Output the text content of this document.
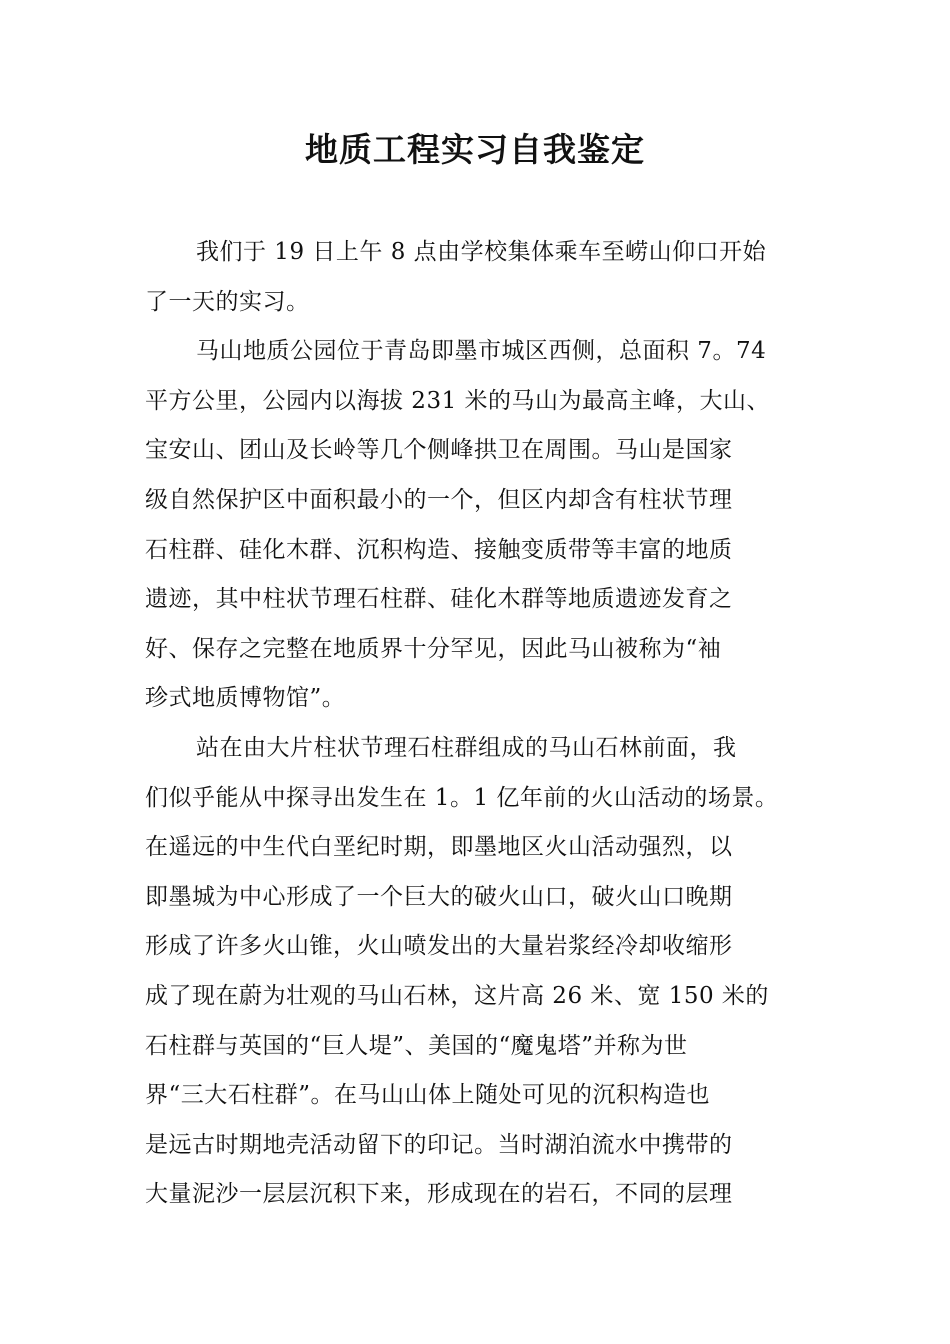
地质工程实习自我鉴定
我们于 19 日上午 8 点由学校集体乘车至崂山仰口开始
了一天的实习。
马山地质公园位于青岛即墨市城区西侧，总面积 7。74
平方公里，公园内以海拔 231 米的马山为最高主峰，大山、
宝安山、团山及长岭等几个侧峰拱卫在周围。马山是国家
级自然保护区中面积最小的一个，但区内却含有柱状节理
石柱群、硅化木群、沉积构造、接触变质带等丰富的地质
遗迹，其中柱状节理石柱群、硅化木群等地质遗迹发育之
好、保存之完整在地质界十分罕见，因此马山被称为“袖
珍式地质博物馆”。
站在由大片柱状节理石柱群组成的马山石林前面，我
们似乎能从中探寻出发生在 1。1 亿年前的火山活动的场景。
在遥远的中生代白垩纪时期，即墨地区火山活动强烈，以
即墨城为中心形成了一个巨大的破火山口，破火山口晚期
形成了许多火山锥，火山喷发出的大量岩浆经冷却收缩形
成了现在蔚为壮观的马山石林，这片高 26 米、宽 150 米的
石柱群与英国的“巨人堤”、美国的“魔鬼塔”并称为世
界“三大石柱群”。在马山山体上随处可见的沉积构造也
是远古时期地壳活动留下的印记。当时湖泊流水中携带的
大量泥沙一层层沉积下来，形成现在的岩石，不同的层理
